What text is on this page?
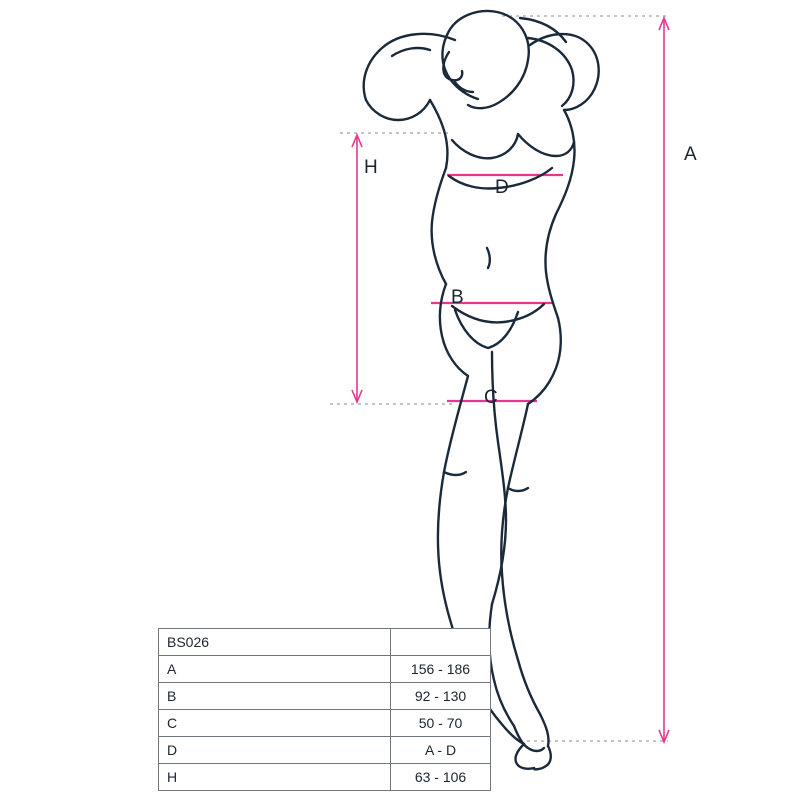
A
H
D
B
C
BS026	
A	156 - 186
B	92 - 130
C	50 - 70
D	A - D
H	63 - 106
